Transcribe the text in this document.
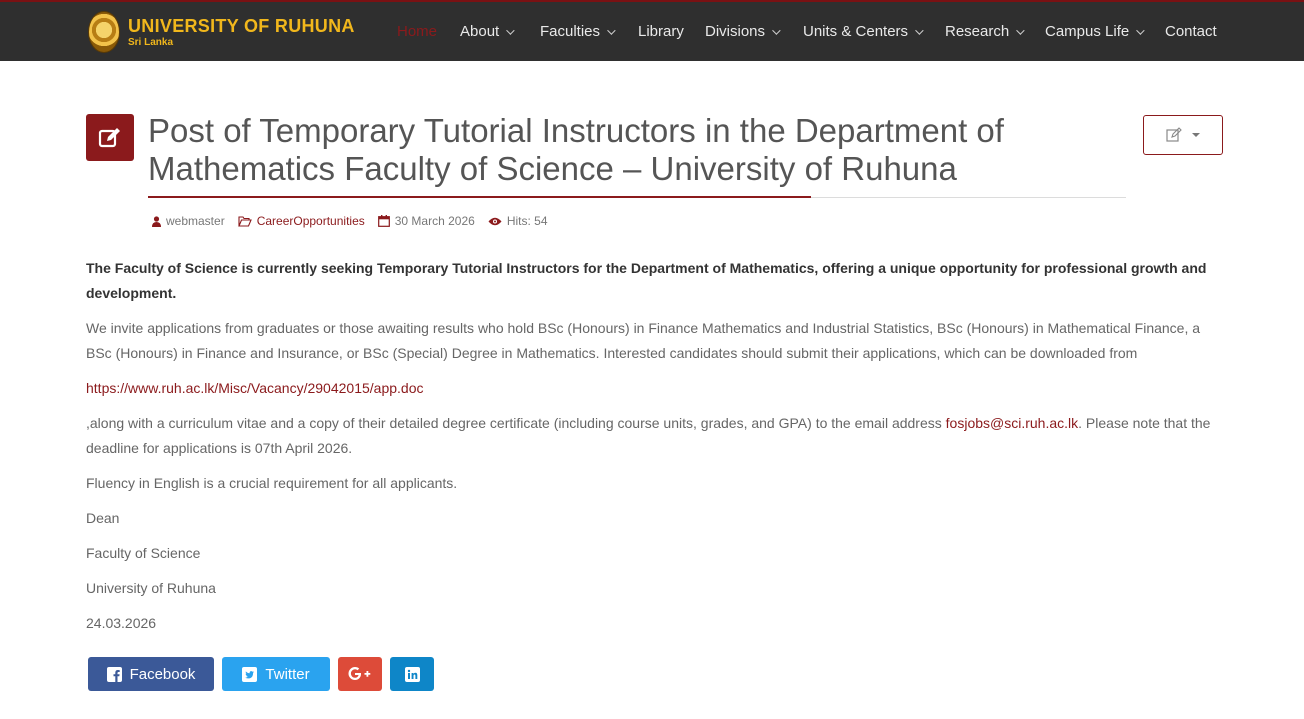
UNIVERSITY OF RUHUNA
Sri Lanka
Home About	Faculties	Library Divisions	Units & Centers Research Campus Life Contact
Post of Temporary Tutorial Instructors in the Department of Mathematics Faculty of Science – University of Ruhuna
webmaster	CareerOpportunities	30 March 2026	Hits: 54

The Faculty of Science is currently seeking Temporary Tutorial Instructors for the Department of Mathematics, offering a unique opportunity for professional growth and development.

We invite applications from graduates or those awaiting results who hold BSc (Honours) in Finance Mathematics and Industrial Statistics, BSc (Honours) in Mathematical Finance, a BSc (Honours) in Finance and Insurance, or BSc (Special) Degree in Mathematics. Interested candidates should submit their applications, which can be downloaded from

https://www.ruh.ac.lk/Misc/Vacancy/29042015/app.doc

,along with a curriculum vitae and a copy of their detailed degree certificate (including course units, grades, and GPA) to the email address fosjobs@sci.ruh.ac.lk. Please note that the deadline for applications is 07th April 2026.

Fluency in English is a crucial requirement for all applicants.

Dean

Faculty of Science

University of Ruhuna

24.03.2026

Facebook	Twitter
